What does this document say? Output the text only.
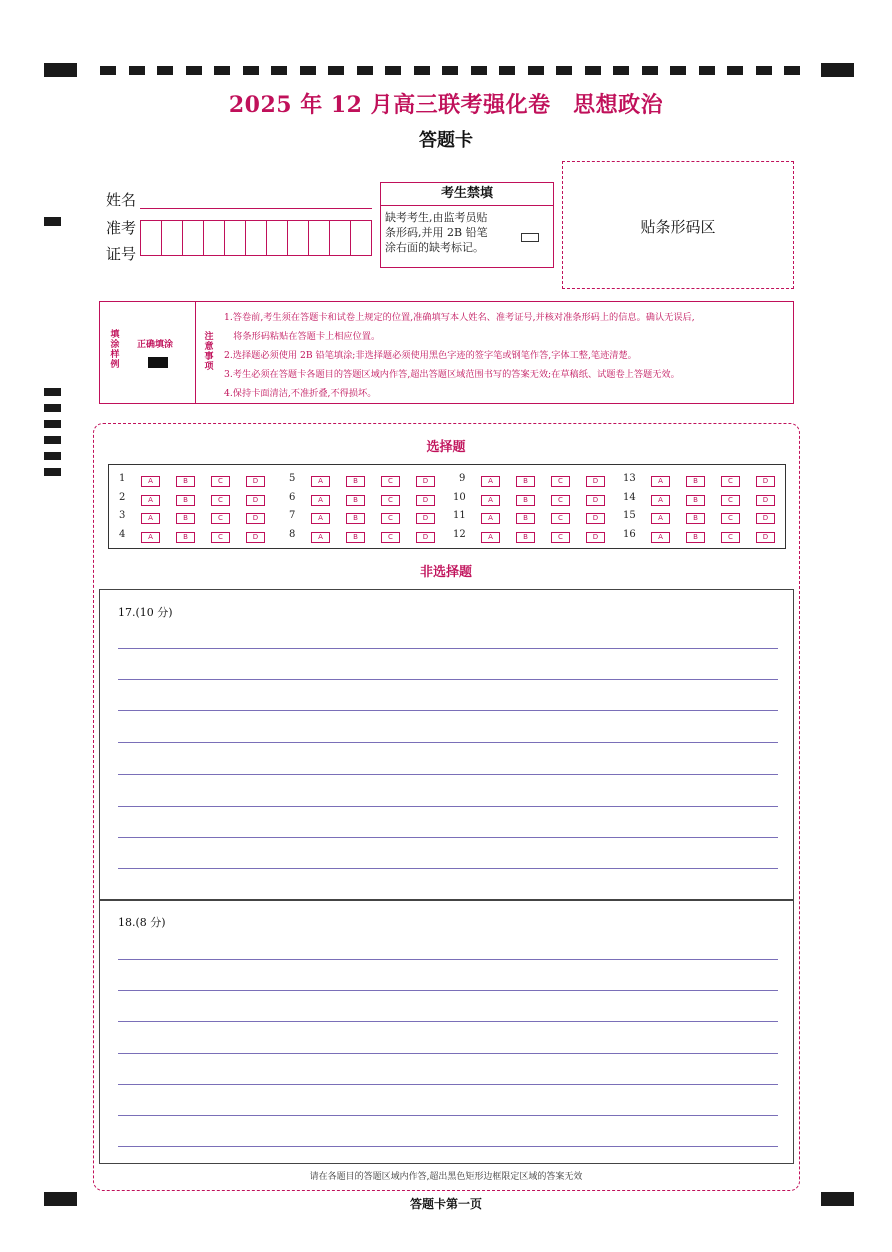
2025 年 12 月高三联考强化卷　思想政治
答题卡
姓名
准考
证号
考生禁填
缺考考生,由监考员贴
条形码,并用 2B 铅笔
涂右面的缺考标记。
贴条形码区
填
涂
样
例
正确填涂
注
意
事
项
1.答卷前,考生须在答题卡和试卷上规定的位置,准确填写本人姓名、准考证号,并核对准条形码上的信息。确认无误后,
　将条形码粘贴在答题卡上相应位置。
2.选择题必须使用 2B 铅笔填涂;非选择题必须使用黑色字迹的签字笔或钢笔作答,字体工整,笔迹清楚。
3.考生必须在答题卡各题目的答题区域内作答,超出答题区域范围书写的答案无效;在草稿纸、试题卷上答题无效。
4.保持卡面清洁,不准折叠,不得损坏。
选择题
1	A	B	C	D
2	A	B	C	D
3	A	B	C	D
4	A	B	C	D
5	A	B	C	D
6	A	B	C	D
7	A	B	C	D
8	A	B	C	D
9	A	B	C	D
10	A	B	C	D
11	A	B	C	D
12	A	B	C	D
13	A	B	C	D
14	A	B	C	D
15	A	B	C	D
16	A	B	C	D
非选择题
17.(10 分)
18.(8 分)
请在各题目的答题区域内作答,超出黑色矩形边框限定区域的答案无效
答题卡第一页
